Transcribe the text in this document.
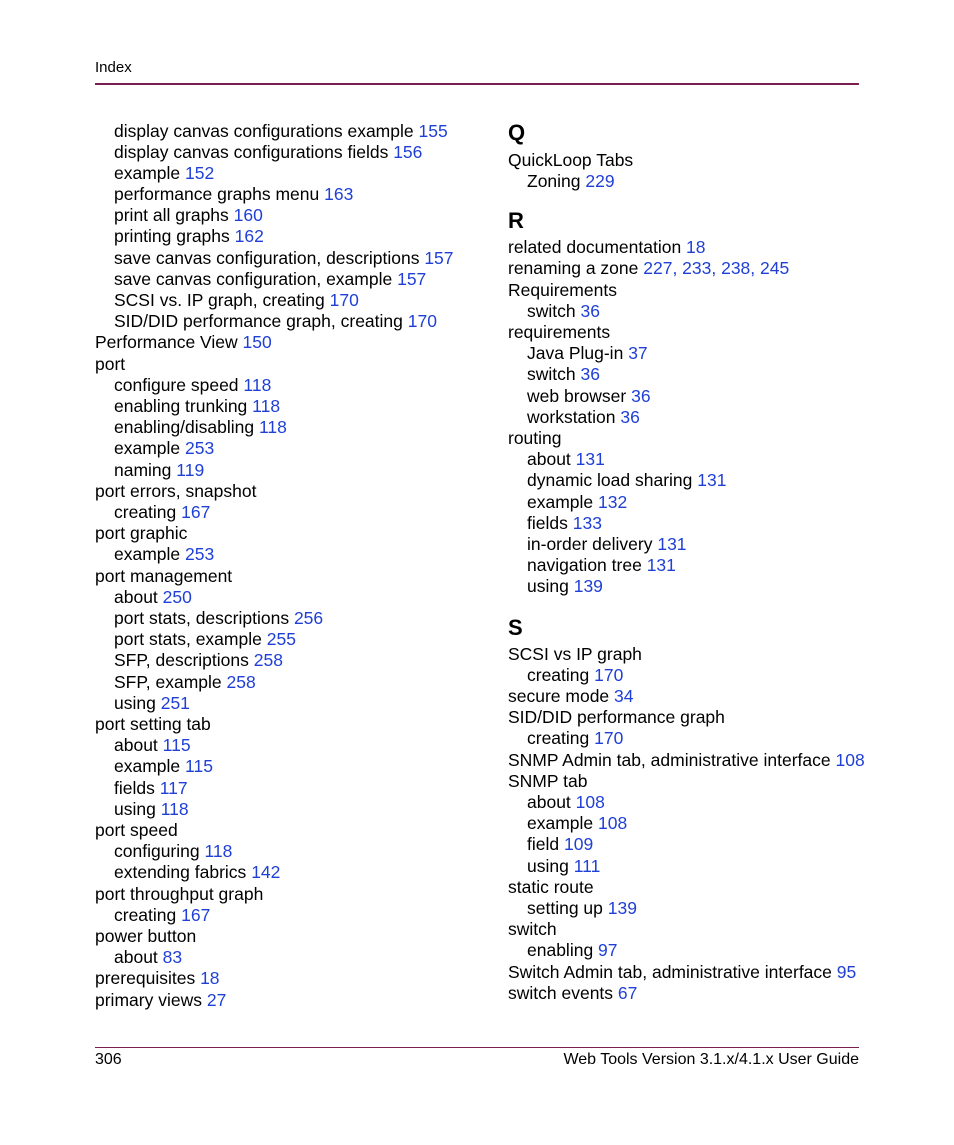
Index
display canvas configurations example 155
display canvas configurations fields 156
example 152
performance graphs menu 163
print all graphs 160
printing graphs 162
save canvas configuration, descriptions 157
save canvas configuration, example 157
SCSI vs. IP graph, creating 170
SID/DID performance graph, creating 170
Performance View 150
port
configure speed 118
enabling trunking 118
enabling/disabling 118
example 253
naming 119
port errors, snapshot
creating 167
port graphic
example 253
port management
about 250
port stats, descriptions 256
port stats, example 255
SFP, descriptions 258
SFP, example 258
using 251
port setting tab
about 115
example 115
fields 117
using 118
port speed
configuring 118
extending fabrics 142
port throughput graph
creating 167
power button
about 83
prerequisites 18
primary views 27
Q
QuickLoop Tabs
Zoning 229
R
related documentation 18
renaming a zone 227, 233, 238, 245
Requirements
switch 36
requirements
Java Plug-in 37
switch 36
web browser 36
workstation 36
routing
about 131
dynamic load sharing 131
example 132
fields 133
in-order delivery 131
navigation tree 131
using 139
S
SCSI vs IP graph
creating 170
secure mode 34
SID/DID performance graph
creating 170
SNMP Admin tab, administrative interface 108
SNMP tab
about 108
example 108
field 109
using 111
static route
setting up 139
switch
enabling 97
Switch Admin tab, administrative interface 95
switch events 67
306	Web Tools Version 3.1.x/4.1.x User Guide
